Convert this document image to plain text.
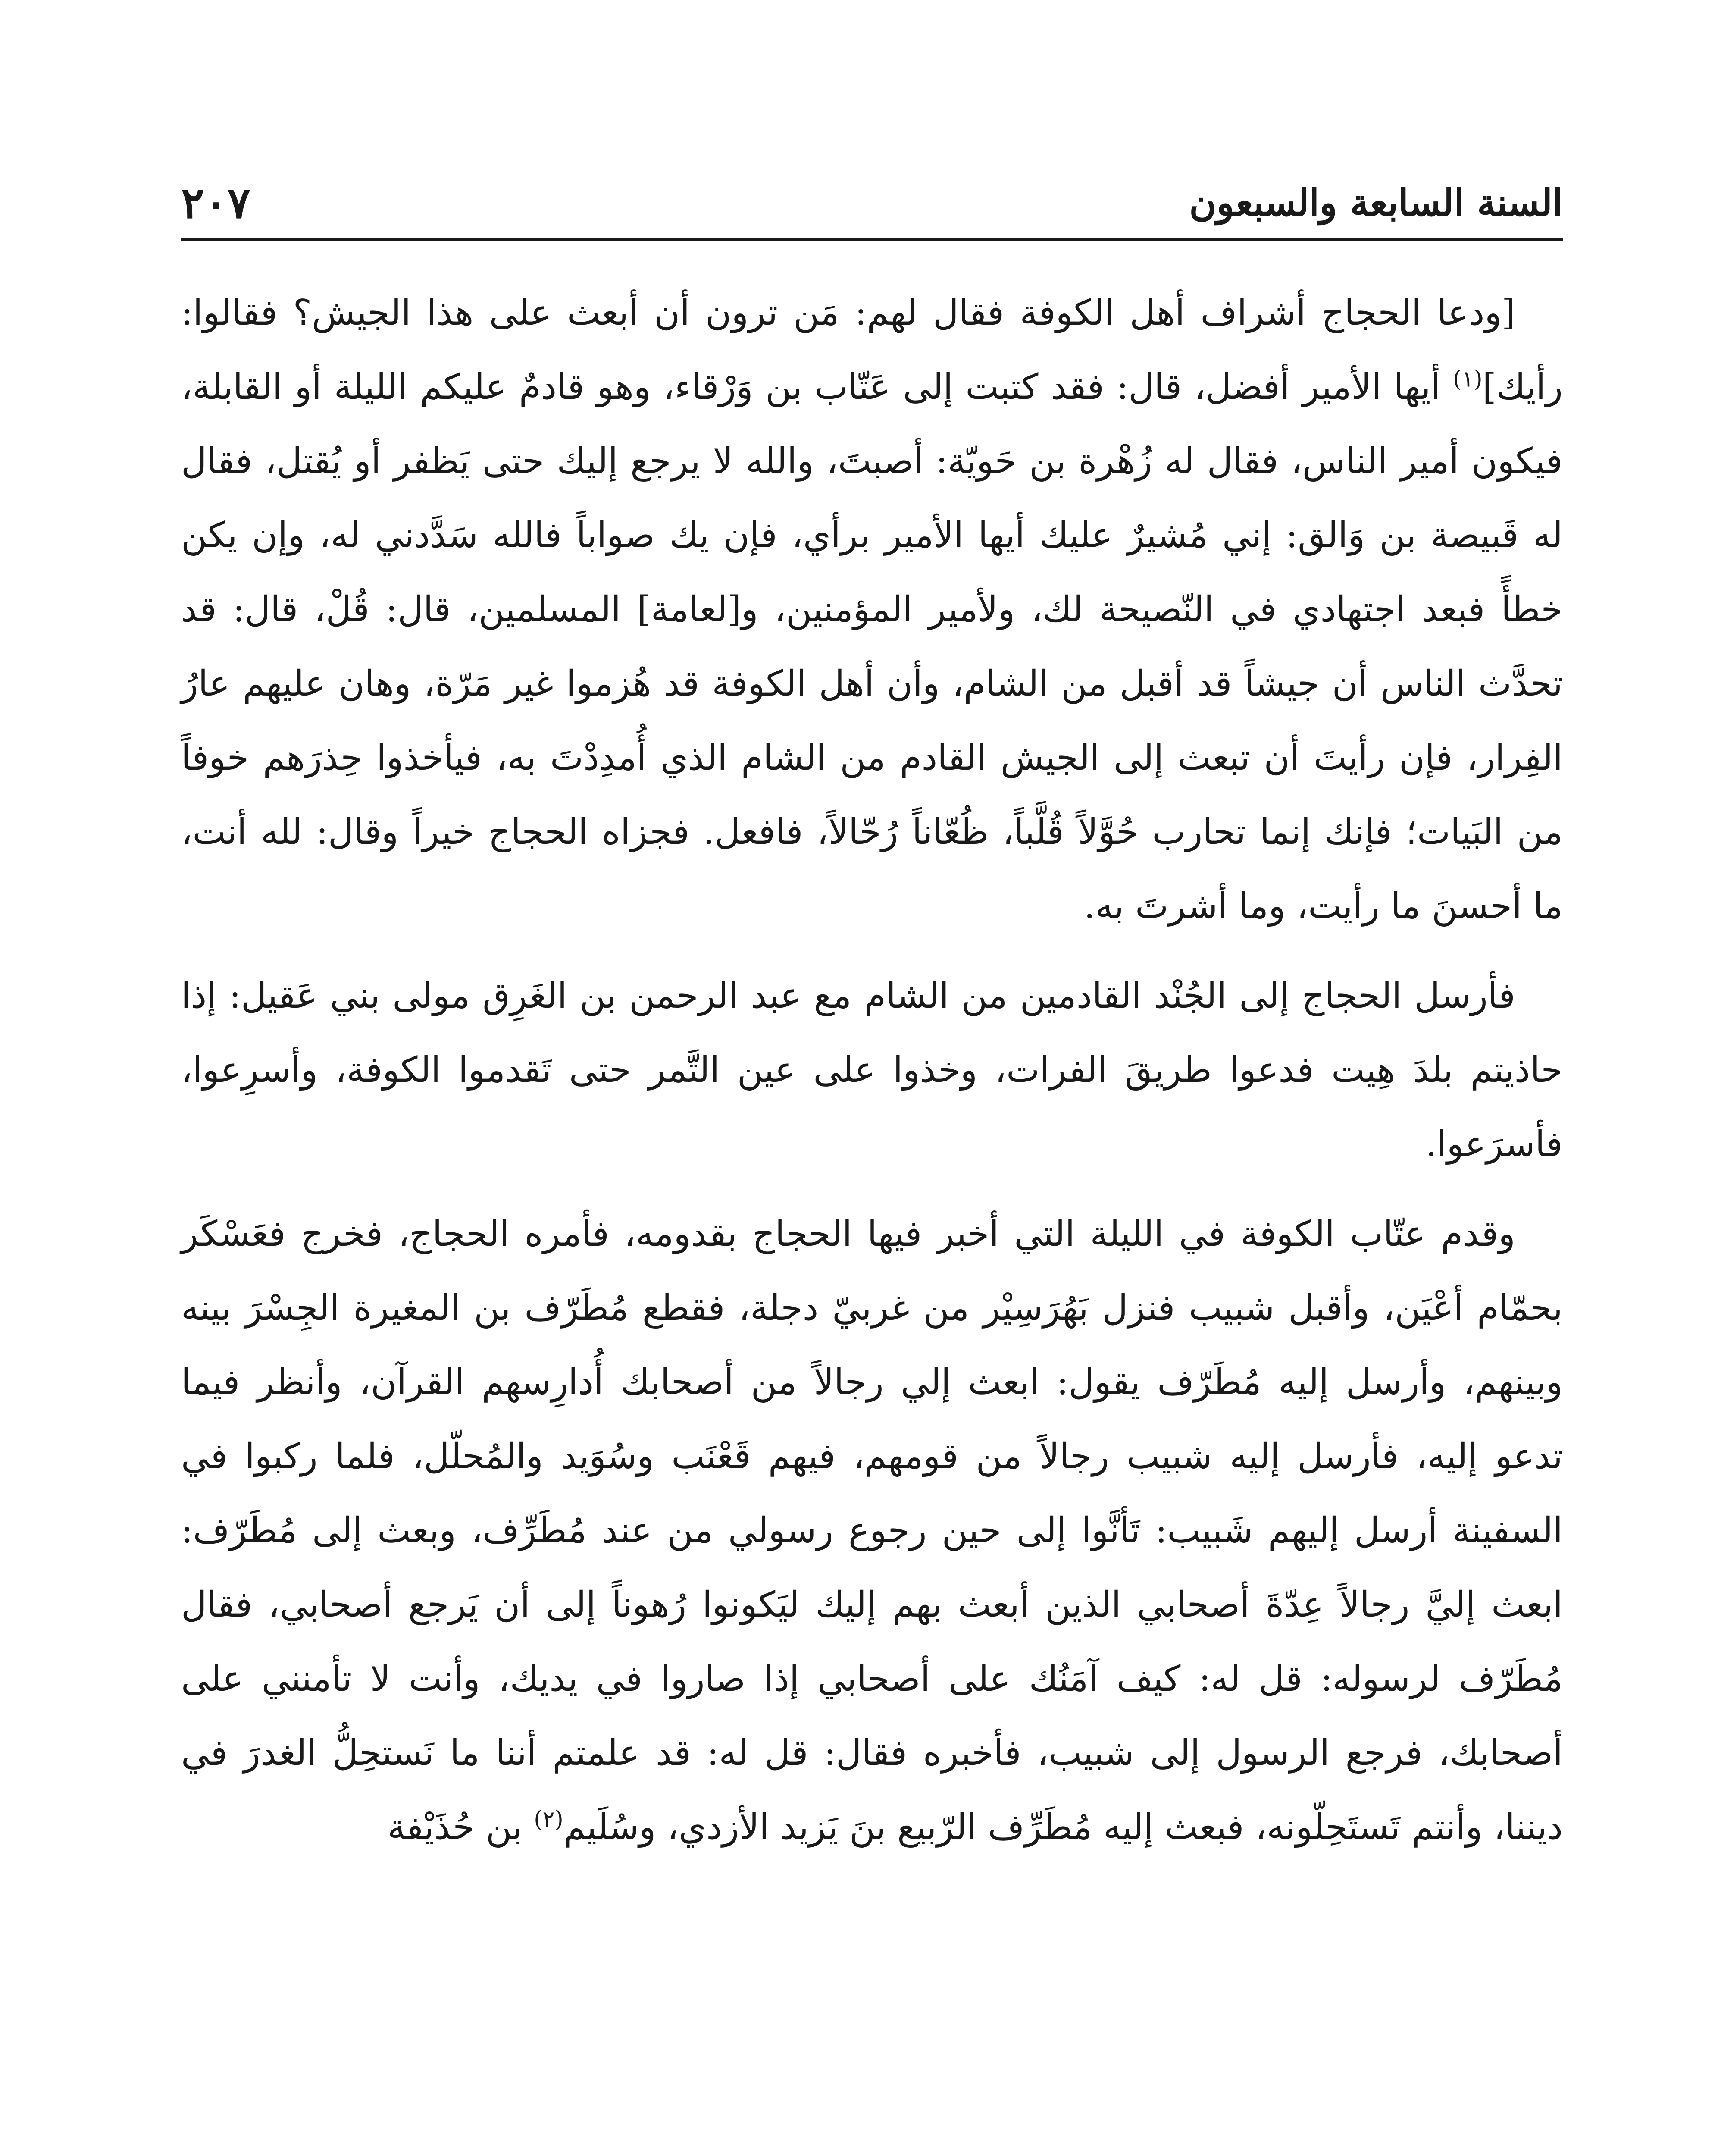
السنة السابعة والسبعون
٢٠٧

[ودعا الحجاج أشراف أهل الكوفة فقال لهم: مَن ترون أن أبعث على هذا الجيش؟ فقالوا: رأيك]$^{(١)}$ أيها الأمير أفضل، قال: فقد كتبت إلى عَتّاب بن وَرْقاء، وهو قادمٌ عليكم الليلة أو القابلة، فيكون أمير الناس، فقال له زُهْرة بن حَويّة: أصبتَ، والله لا يرجع إليك حتى يَظفر أو يُقتل، فقال له قَبيصة بن وَالق: إني مُشيرٌ عليك أيها الأمير برأي، فإن يك صواباً فالله سَدَّدني له، وإن يكن خطأً فبعد اجتهادي في النّصيحة لك، ولأمير المؤمنين، و[لعامة] المسلمين، قال: قُلْ، قال: قد تحدَّث الناس أن جيشاً قد أقبل من الشام، وأن أهل الكوفة قد هُزموا غير مَرّة، وهان عليهم عارُ الفِرار، فإن رأيتَ أن تبعث إلى الجيش القادم من الشام الذي أُمدِدْتَ به، فيأخذوا حِذرَهم خوفاً من البَيات؛ فإنك إنما تحارب حُوَّلاً قُلَّباً، ظُعّاناً رُحّالاً، فافعل. فجزاه الحجاج خيراً وقال: لله أنت، ما أحسنَ ما رأيت، وما أشرتَ به.

فأرسل الحجاج إلى الجُنْد القادمين من الشام مع عبد الرحمن بن الغَرِق مولى بني عَقيل: إذا حاذيتم بلدَ هِيت فدعوا طريقَ الفرات، وخذوا على عين التَّمر حتى تَقدموا الكوفة، وأسرِعوا، فأسرَعوا.

وقدم عتّاب الكوفة في الليلة التي أخبر فيها الحجاج بقدومه، فأمره الحجاج، فخرج فعَسْكَر بحمّام أعْيَن، وأقبل شبيب فنزل بَهُرَسِيْر من غربيّ دجلة، فقطع مُطَرّف بن المغيرة الجِسْرَ بينه وبينهم، وأرسل إليه مُطَرّف يقول: ابعث إلي رجالاً من أصحابك أُدارِسهم القرآن، وأنظر فيما تدعو إليه، فأرسل إليه شبيب رجالاً من قومهم، فيهم قَعْنَب وسُوَيد والمُحلّل، فلما ركبوا في السفينة أرسل إليهم شَبيب: تَأنَّوا إلى حين رجوع رسولي من عند مُطَرِّف، وبعث إلى مُطَرّف: ابعث إليَّ رجالاً عِدّةَ أصحابي الذين أبعث بهم إليك ليَكونوا رُهوناً إلى أن يَرجع أصحابي، فقال مُطَرّف لرسوله: قل له: كيف آمَنُك على أصحابي إذا صاروا في يديك، وأنت لا تأمنني على أصحابك، فرجع الرسول إلى شبيب، فأخبره فقال: قل له: قد علمتم أننا ما نَستحِلُّ الغدرَ في ديننا، وأنتم تَستَحِلّونه، فبعث إليه مُطَرِّف الرّبيع بنَ يَزيد الأزدي، وسُلَيم$^{(٢)}$ بن حُذَيْفة
